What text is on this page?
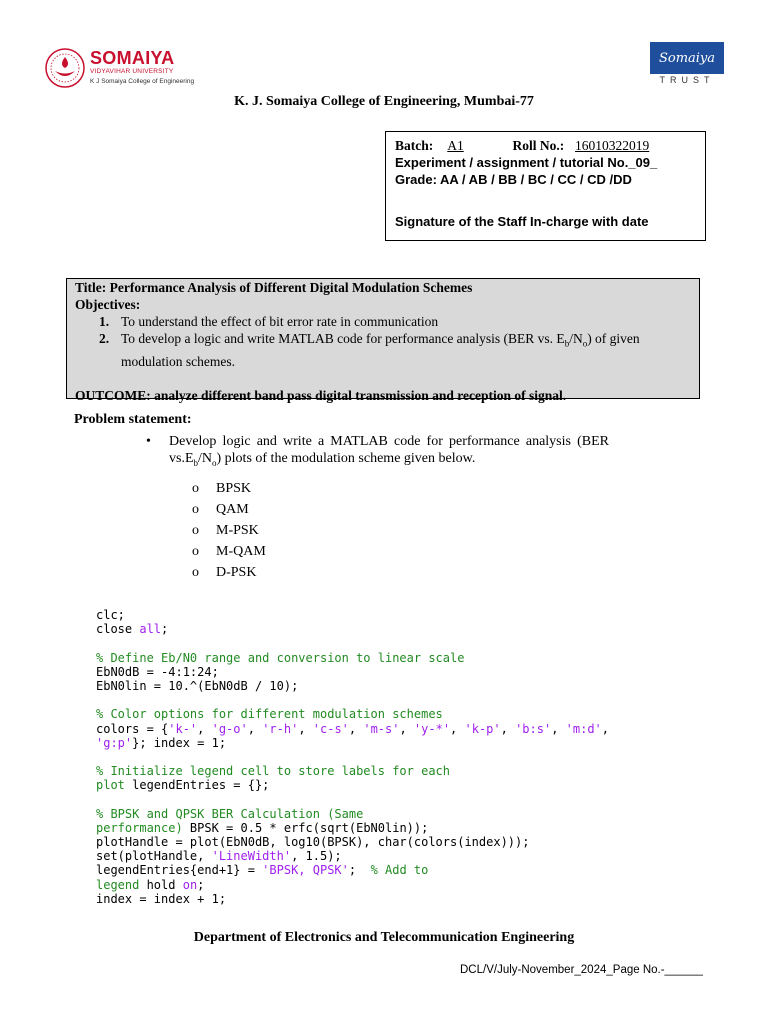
SOMAIYA
VIDYAVIHAR UNIVERSITY
K J Somaiya College of Engineering
Somaiya
TRUST
K. J. Somaiya College of Engineering, Mumbai-77
Batch: A1	Roll No.: 16010322019
Experiment / assignment / tutorial No._09_
Grade: AA / AB / BB / BC / CC / CD /DD
Signature of the Staff In-charge with date
Title: Performance Analysis of Different Digital Modulation Schemes
Objectives:
1. To understand the effect of bit error rate in communication
2. To develop a logic and write MATLAB code for performance analysis (BER vs. $E_b/N_o$) of given modulation schemes.
OUTCOME: analyze different band pass digital transmission and reception of signal.
Problem statement:
• Develop logic and write a MATLAB code for performance analysis (BER $vs.E_b/N_o$) plots of the modulation scheme given below.
o BPSK
o QAM
o M-PSK
o M-QAM
o D-PSK
clc;
close all;
% Define Eb/N0 range and conversion to linear scale
EbN0dB = -4:1:24;
EbN0lin = 10.^(EbN0dB / 10);
% Color options for different modulation schemes
colors = {'k-', 'g-o', 'r-h', 'c-s', 'm-s', 'y-*', 'k-p', 'b:s', 'm:d',
'g:p'}; index = 1;
% Initialize legend cell to store labels for each
plot legendEntries = {};
% BPSK and QPSK BER Calculation (Same
performance) BPSK = 0.5 * erfc(sqrt(EbN0lin));
plotHandle = plot(EbN0dB, log10(BPSK), char(colors(index)));
set(plotHandle, 'LineWidth', 1.5);
legendEntries{end+1} = 'BPSK, QPSK';  % Add to
legend hold on;
index = index + 1;
Department of Electronics and Telecommunication Engineering
DCL/V/July-November_2024_Page No.-______
